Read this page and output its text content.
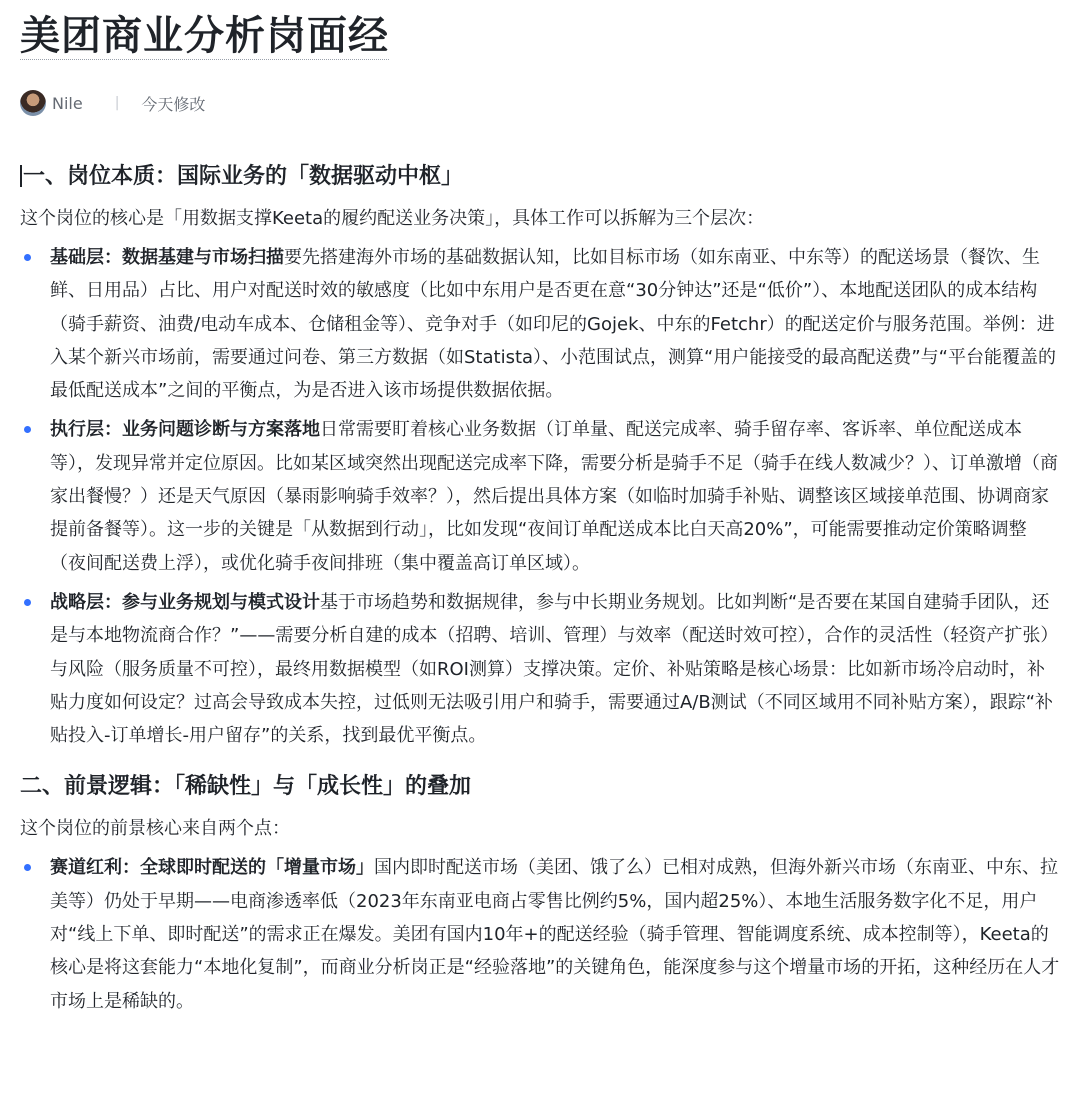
美团商业分析岗面经
Nile | 今天修改
一、岗位本质：国际业务的「数据驱动中枢」

这个岗位的核心是「用数据支撑Keeta的履约配送业务决策」，具体工作可以拆解为三个层次：

基础层：数据基建与市场扫描要先搭建海外市场的基础数据认知，比如目标市场（如东南亚、中东等）的配送场景（餐饮、生鲜、日用品）占比、用户对配送时效的敏感度（比如中东用户是否更在意“30分钟达”还是“低价”）、本地配送团队的成本结构（骑手薪资、油费/电动车成本、仓储租金等）、竞争对手（如印尼的Gojek、中东的Fetchr）的配送定价与服务范围。举例：进入某个新兴市场前，需要通过问卷、第三方数据（如Statista）、小范围试点，测算“用户能接受的最高配送费”与“平台能覆盖的最低配送成本”之间的平衡点，为是否进入该市场提供数据依据。
执行层：业务问题诊断与方案落地日常需要盯着核心业务数据（订单量、配送完成率、骑手留存率、客诉率、单位配送成本等），发现异常并定位原因。比如某区域突然出现配送完成率下降，需要分析是骑手不足（骑手在线人数减少？）、订单激增（商家出餐慢？）还是天气原因（暴雨影响骑手效率？），然后提出具体方案（如临时加骑手补贴、调整该区域接单范围、协调商家提前备餐等）。这一步的关键是「从数据到行动」，比如发现“夜间订单配送成本比白天高20%”，可能需要推动定价策略调整（夜间配送费上浮），或优化骑手夜间排班（集中覆盖高订单区域）。
战略层：参与业务规划与模式设计基于市场趋势和数据规律，参与中长期业务规划。比如判断“是否要在某国自建骑手团队，还是与本地物流商合作？”——需要分析自建的成本（招聘、培训、管理）与效率（配送时效可控），合作的灵活性（轻资产扩张）与风险（服务质量不可控），最终用数据模型（如ROI测算）支撑决策。定价、补贴策略是核心场景：比如新市场冷启动时，补贴力度如何设定？过高会导致成本失控，过低则无法吸引用户和骑手，需要通过A/B测试（不同区域用不同补贴方案），跟踪“补贴投入-订单增长-用户留存”的关系，找到最优平衡点。
二、前景逻辑：「稀缺性」与「成长性」的叠加

这个岗位的前景核心来自两个点：

赛道红利：全球即时配送的「增量市场」国内即时配送市场（美团、饿了么）已相对成熟，但海外新兴市场（东南亚、中东、拉美等）仍处于早期——电商渗透率低（2023年东南亚电商占零售比例约5%，国内超25%）、本地生活服务数字化不足，用户对“线上下单、即时配送”的需求正在爆发。美团有国内10年+的配送经验（骑手管理、智能调度系统、成本控制等），Keeta的核心是将这套能力“本地化复制”，而商业分析岗正是“经验落地”的关键角色，能深度参与这个增量市场的开拓，这种经历在人才市场上是稀缺的。
